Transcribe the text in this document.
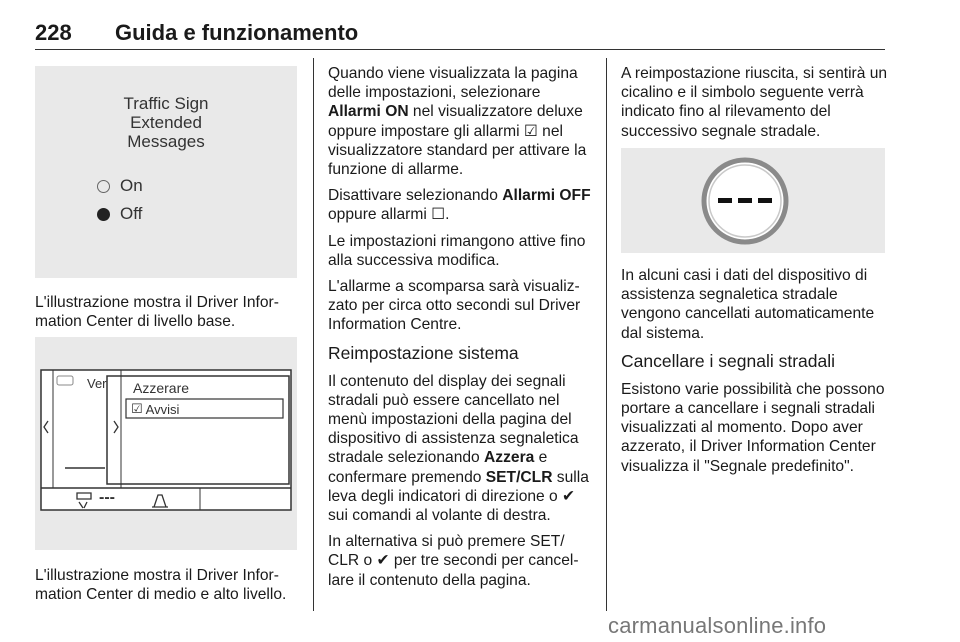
228 Guida e funzionamento
Traffic Sign
Extended
Messages
On
Off
L'illustrazione mostra il Driver Infor-mation Center di livello base.
Ver Azzerare
☑ Avvisi
---
L'illustrazione mostra il Driver Infor-mation Center di medio e alto livello.

Quando viene visualizzata la pagina delle impostazioni, selezionare Allarmi ON nel visualizzatore deluxe oppure impostare gli allarmi ☑ nel visualizzatore standard per attivare la funzione di allarme.

Disattivare selezionando Allarmi OFF oppure allarmi ☐.

Le impostazioni rimangono attive fino alla successiva modifica.

L'allarme a scomparsa sarà visualiz-zato per circa otto secondi sul Driver Information Centre.

Reimpostazione sistema

Il contenuto del display dei segnali stradali può essere cancellato nel menù impostazioni della pagina del dispositivo di assistenza segnaletica stradale selezionando Azzera e confermare premendo SET/CLR sulla leva degli indicatori di direzione o ✔ sui comandi al volante di destra.

In alternativa si può premere SET/ CLR o ✔ per tre secondi per cancel-lare il contenuto della pagina.

A reimpostazione riuscita, si sentirà un cicalino e il simbolo seguente verrà indicato fino al rilevamento del successivo segnale stradale.

In alcuni casi i dati del dispositivo di assistenza segnaletica stradale vengono cancellati automaticamente dal sistema.

Cancellare i segnali stradali

Esistono varie possibilità che possono portare a cancellare i segnali stradali visualizzati al momento. Dopo aver azzerato, il Driver Information Center visualizza il "Segnale predefinito".

carmanualsonline.info
